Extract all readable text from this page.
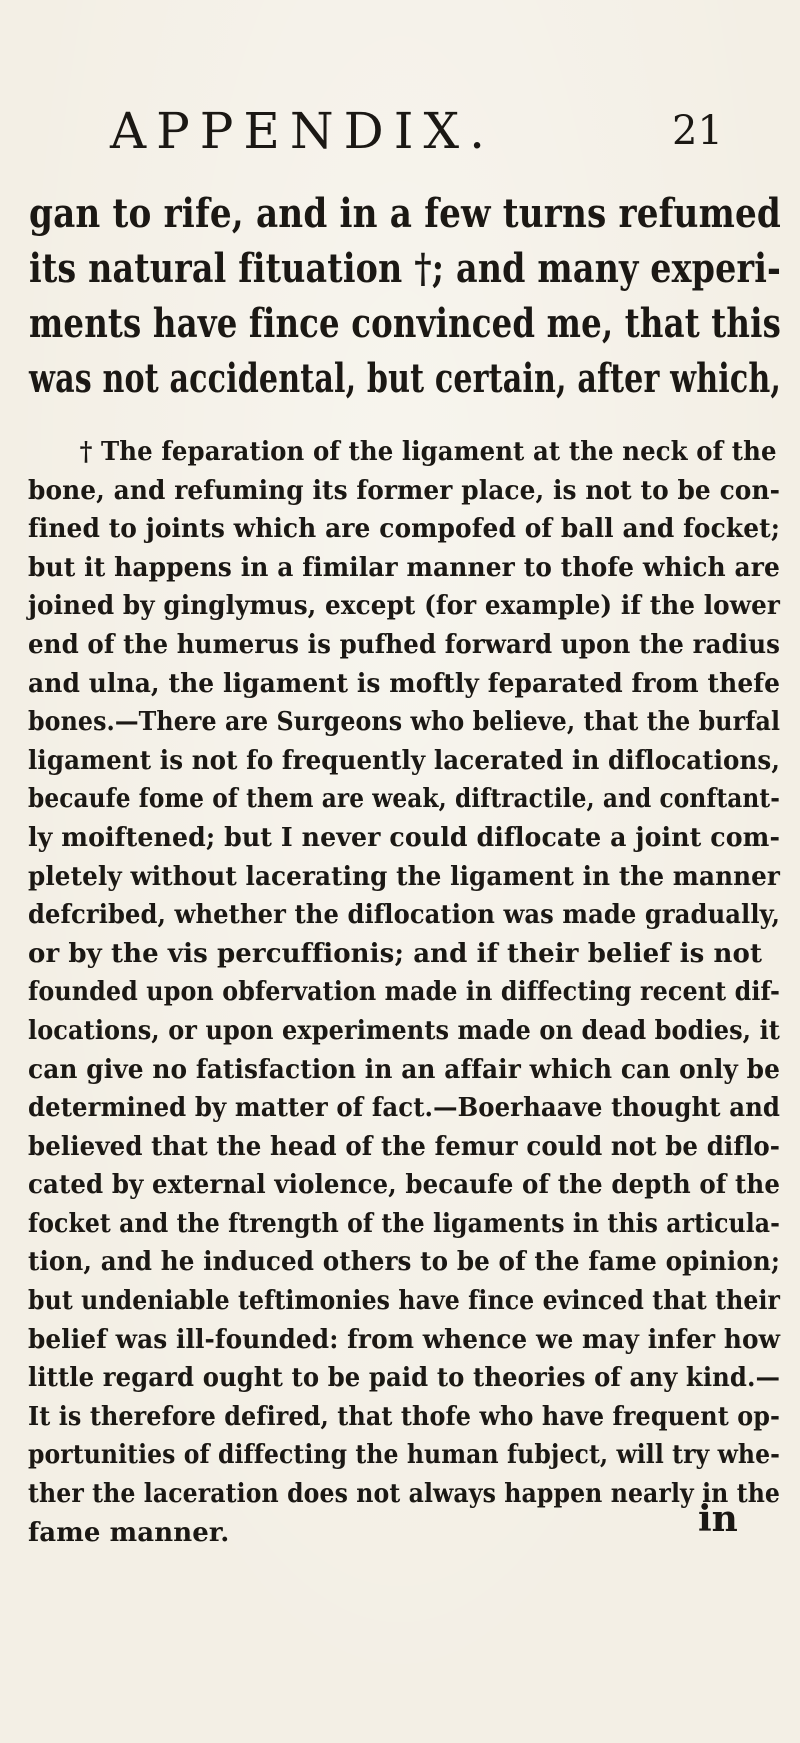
APPENDIX.	21
gan to rife, and in a few turns refumed
its natural fituation †; and many experi-
ments have fince convinced me, that this
was not accidental, but certain, after which,
† The feparation of the ligament at the neck of the
bone, and refuming its former place, is not to be con-
fined to joints which are compofed of ball and focket;
but it happens in a fimilar manner to thofe which are
joined by ginglymus, except (for example) if the lower
end of the humerus is pufhed forward upon the radius
and ulna, the ligament is moftly feparated from thefe
bones.—There are Surgeons who believe, that the burfal
ligament is not fo frequently lacerated in diflocations,
becaufe fome of them are weak, diftractile, and conftant-
ly moiftened; but I never could diflocate a joint com-
pletely without lacerating the ligament in the manner
defcribed, whether the diflocation was made gradually,
or by the vis percuffionis; and if their belief is not
founded upon obfervation made in diffecting recent dif-
locations, or upon experiments made on dead bodies, it
can give no fatisfaction in an affair which can only be
determined by matter of fact.—Boerhaave thought and
believed that the head of the femur could not be diflo-
cated by external violence, becaufe of the depth of the
focket and the ftrength of the ligaments in this articula-
tion, and he induced others to be of the fame opinion;
but undeniable teftimonies have fince evinced that their
belief was ill-founded: from whence we may infer how
little regard ought to be paid to theories of any kind.—
It is therefore defired, that thofe who have frequent op-
portunities of diffecting the human fubject, will try whe-
ther the laceration does not always happen nearly in the
fame manner.	in
